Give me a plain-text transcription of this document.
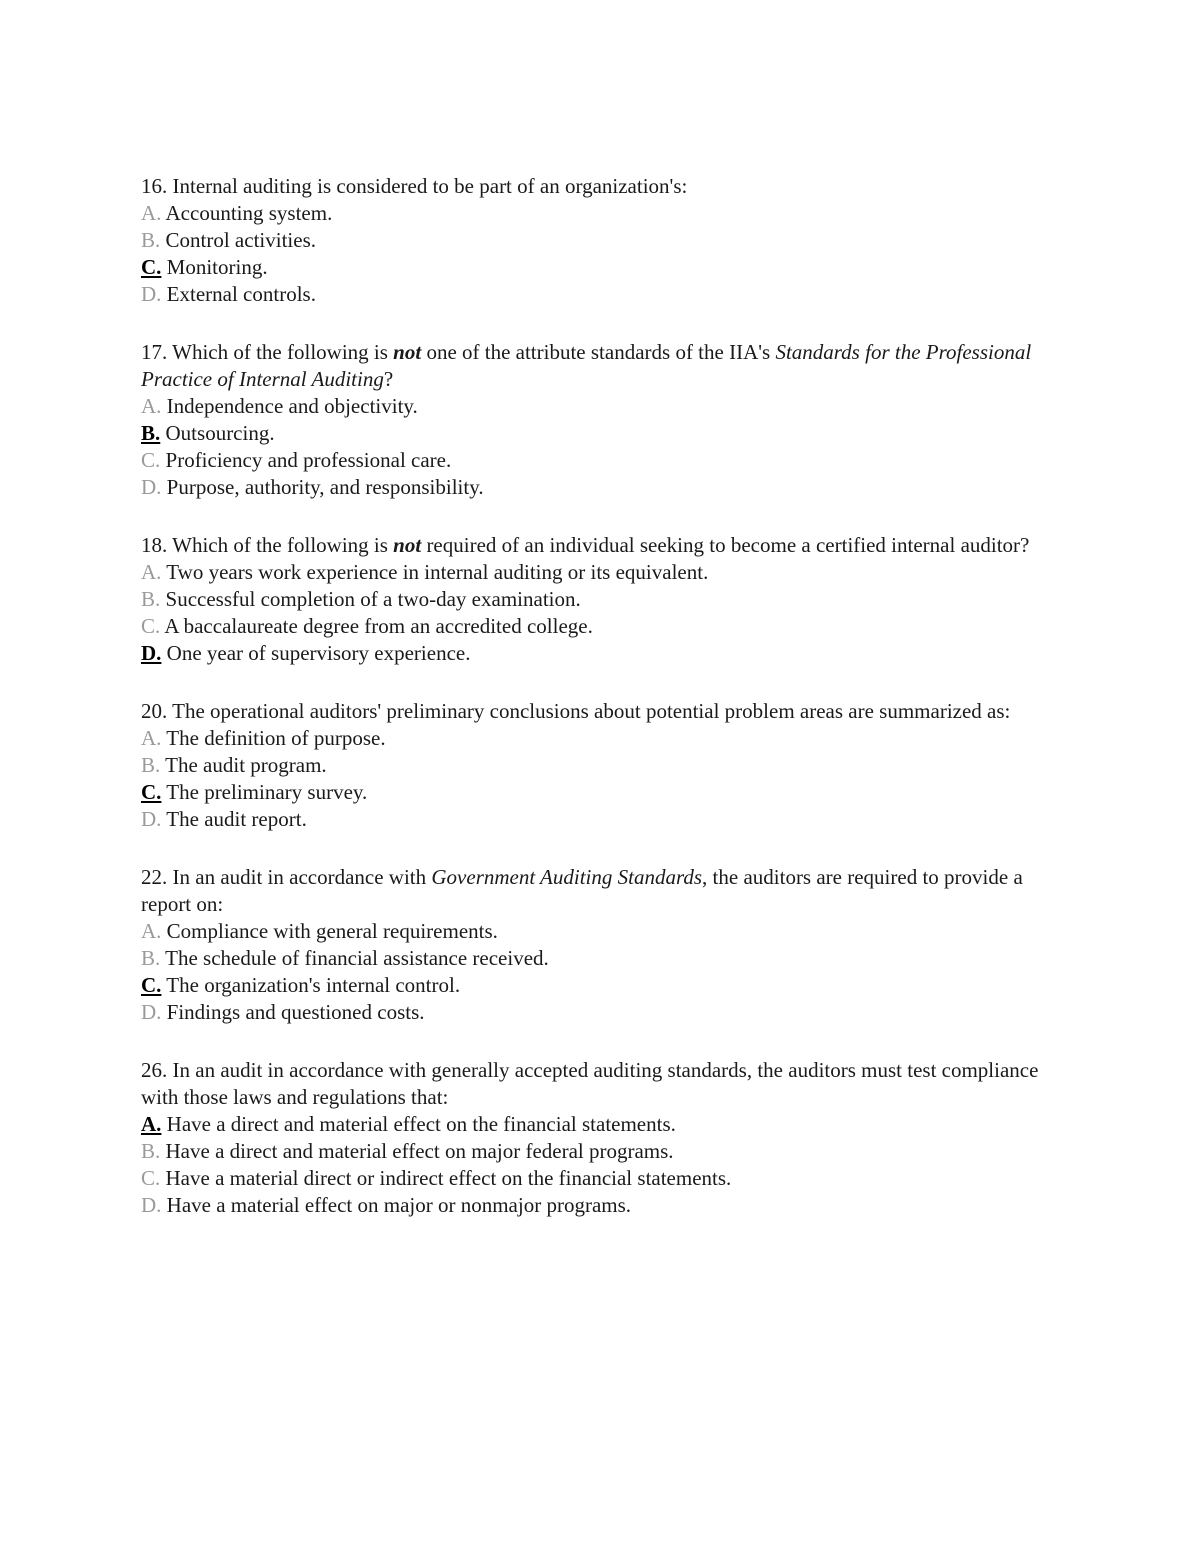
16. Internal auditing is considered to be part of an organization's:

A. Accounting system.

B. Control activities.

C. Monitoring.

D. External controls.

17. Which of the following is not one of the attribute standards of the IIA's Standards for the Professional Practice of Internal Auditing?

A. Independence and objectivity.

B. Outsourcing.

C. Proficiency and professional care.

D. Purpose, authority, and responsibility.

18. Which of the following is not required of an individual seeking to become a certified internal auditor?

A. Two years work experience in internal auditing or its equivalent.

B. Successful completion of a two-day examination.

C. A baccalaureate degree from an accredited college.

D. One year of supervisory experience.

20. The operational auditors' preliminary conclusions about potential problem areas are summarized as:

A. The definition of purpose.

B. The audit program.

C. The preliminary survey.

D. The audit report.

22. In an audit in accordance with Government Auditing Standards, the auditors are required to provide a report on:

A. Compliance with general requirements.

B. The schedule of financial assistance received.

C. The organization's internal control.

D. Findings and questioned costs.

26. In an audit in accordance with generally accepted auditing standards, the auditors must test compliance with those laws and regulations that:

A. Have a direct and material effect on the financial statements.

B. Have a direct and material effect on major federal programs.

C. Have a material direct or indirect effect on the financial statements.

D. Have a material effect on major or nonmajor programs.
